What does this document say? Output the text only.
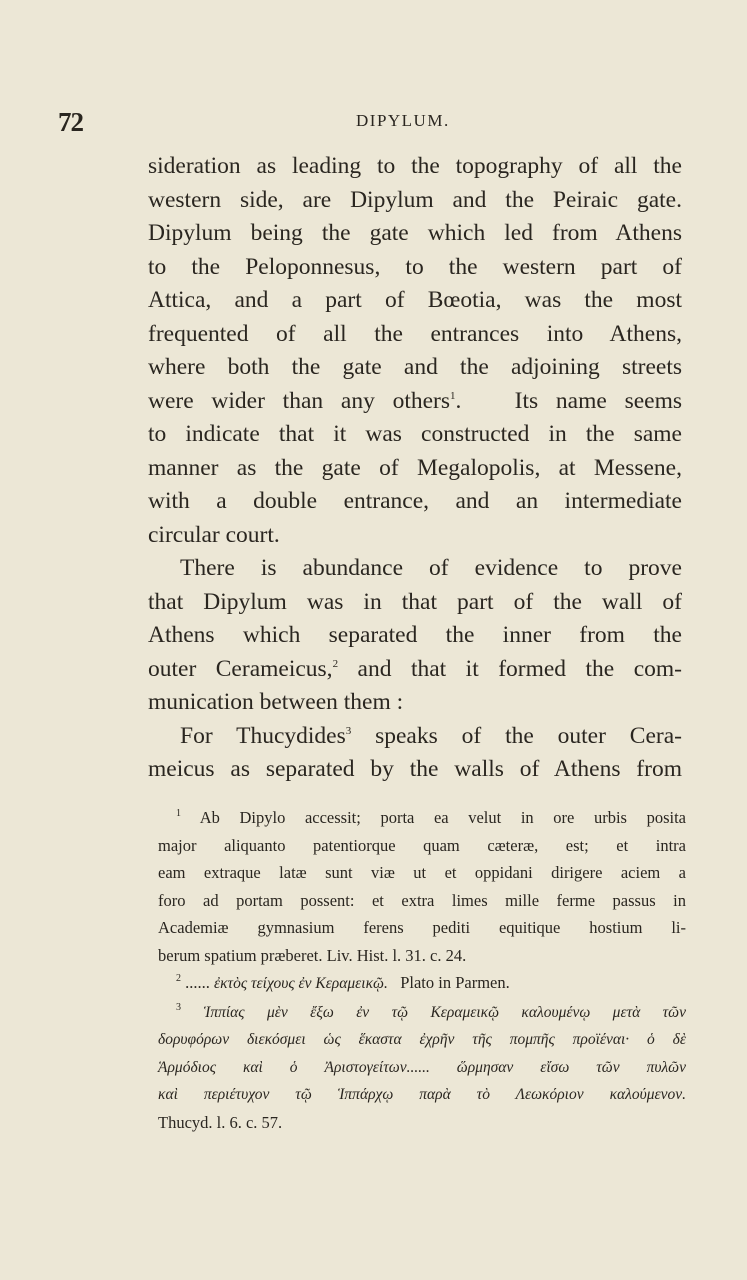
72	DIPYLUM.
sideration as leading to the topography of all the
western side, are Dipylum and the Peiraic gate.
Dipylum being the gate which led from Athens
to the Peloponnesus, to the western part of
Attica, and a part of Bœotia, was the most
frequented of all the entrances into Athens,
where both the gate and the adjoining streets
were wider than any others$^1$.   Its name seems
to indicate that it was constructed in the same
manner as the gate of Megalopolis, at Messene,
with a double entrance, and an intermediate
circular court.
There is abundance of evidence to prove
that Dipylum was in that part of the wall of
Athens which separated the inner from the
outer Cerameicus,$^2$ and that it formed the com-
munication between them :
For Thucydides$^3$ speaks of the outer Cera-
meicus as separated by the walls of Athens from
$^1$ Ab Dipylo accessit; porta ea velut in ore urbis posita
major aliquanto patentiorque quam cæteræ, est; et intra
eam extraque latæ sunt viæ ut et oppidani dirigere aciem a
foro ad portam possent: et extra limes mille ferme passus in
Academiæ gymnasium ferens pediti equitique hostium li-
berum spatium præberet. Liv. Hist. l. 31. c. 24.
$^2$ ...... ἐκτὸς τείχους ἐν Κεραμεικῷ. Plato in Parmen.
$^3$ Ἱππίας μὲν ἔξω ἐν τῷ Κεραμεικῷ καλουμένῳ μετὰ τῶν
δορυφόρων διεκόσμει ὡς ἕκαστα ἐχρῆν τῆς πομπῆς προϊέναι· ὁ δὲ
Ἁρμόδιος καὶ ὁ Ἀριστογείτων...... ὥρμησαν εἴσω τῶν πυλῶν
καὶ περιέτυχον τῷ Ἱππάρχῳ παρὰ τὸ Λεωκόριον καλούμενον.
Thucyd. l. 6. c. 57.
